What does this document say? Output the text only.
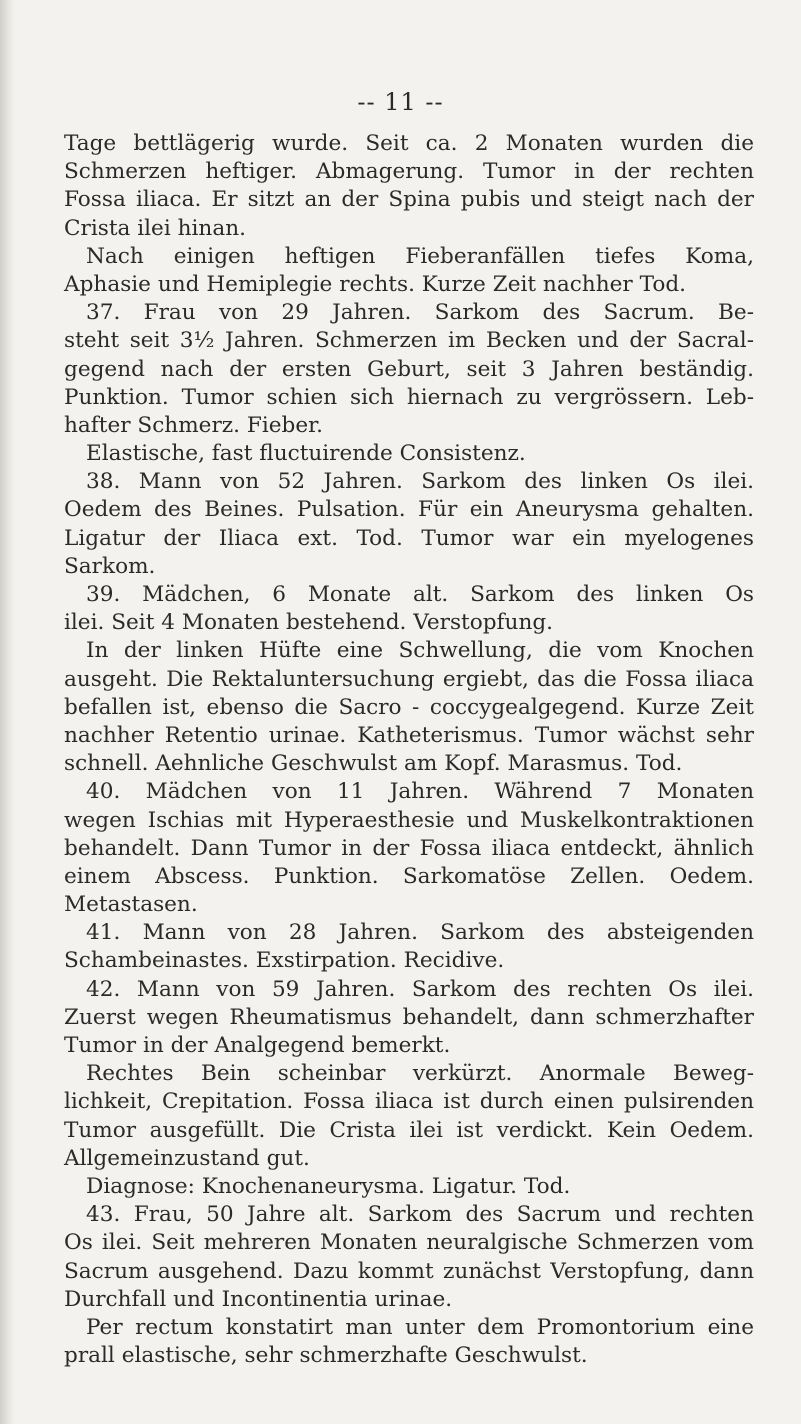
-- 11 --
Tage bettlägerig wurde. Seit ca. 2 Monaten wurden die
Schmerzen heftiger. Abmagerung. Tumor in der rechten
Fossa iliaca. Er sitzt an der Spina pubis und steigt nach der
Crista ilei hinan.
Nach einigen heftigen Fieberanfällen tiefes Koma,
Aphasie und Hemiplegie rechts. Kurze Zeit nachher Tod.
37. Frau von 29 Jahren. Sarkom des Sacrum. Be-
steht seit 3½ Jahren. Schmerzen im Becken und der Sacral-
gegend nach der ersten Geburt, seit 3 Jahren beständig.
Punktion. Tumor schien sich hiernach zu vergrössern. Leb-
hafter Schmerz. Fieber.
Elastische, fast fluctuirende Consistenz.
38. Mann von 52 Jahren. Sarkom des linken Os ilei.
Oedem des Beines. Pulsation. Für ein Aneurysma gehalten.
Ligatur der Iliaca ext. Tod. Tumor war ein myelogenes
Sarkom.
39. Mädchen, 6 Monate alt. Sarkom des linken Os
ilei. Seit 4 Monaten bestehend. Verstopfung.
In der linken Hüfte eine Schwellung, die vom Knochen
ausgeht. Die Rektaluntersuchung ergiebt, das die Fossa iliaca
befallen ist, ebenso die Sacro - coccygealgegend. Kurze Zeit
nachher Retentio urinae. Katheterismus. Tumor wächst sehr
schnell. Aehnliche Geschwulst am Kopf. Marasmus. Tod.
40. Mädchen von 11 Jahren. Während 7 Monaten
wegen Ischias mit Hyperaesthesie und Muskelkontraktionen
behandelt. Dann Tumor in der Fossa iliaca entdeckt, ähnlich
einem Abscess. Punktion. Sarkomatöse Zellen. Oedem.
Metastasen.
41. Mann von 28 Jahren. Sarkom des absteigenden
Schambeinastes. Exstirpation. Recidive.
42. Mann von 59 Jahren. Sarkom des rechten Os ilei.
Zuerst wegen Rheumatismus behandelt, dann schmerzhafter
Tumor in der Analgegend bemerkt.
Rechtes Bein scheinbar verkürzt. Anormale Beweg-
lichkeit, Crepitation. Fossa iliaca ist durch einen pulsirenden
Tumor ausgefüllt. Die Crista ilei ist verdickt. Kein Oedem.
Allgemeinzustand gut.
Diagnose: Knochenaneurysma. Ligatur. Tod.
43. Frau, 50 Jahre alt. Sarkom des Sacrum und rechten
Os ilei. Seit mehreren Monaten neuralgische Schmerzen vom
Sacrum ausgehend. Dazu kommt zunächst Verstopfung, dann
Durchfall und Incontinentia urinae.
Per rectum konstatirt man unter dem Promontorium eine
prall elastische, sehr schmerzhafte Geschwulst.
